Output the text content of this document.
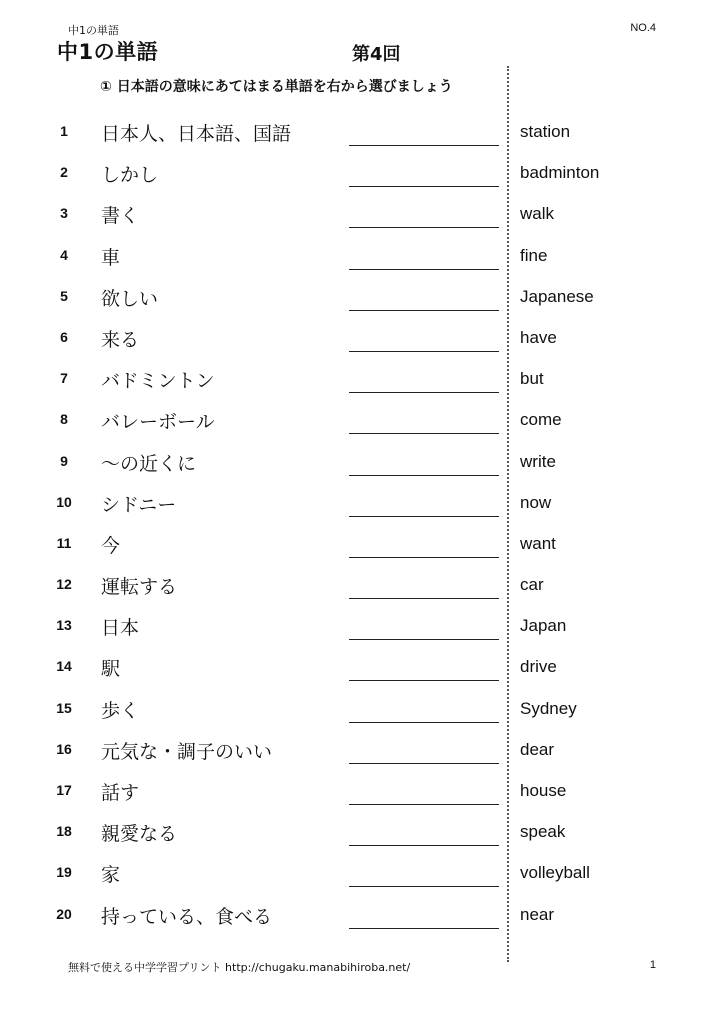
中1の単語	NO.4
中1の単語	第4回
① 日本語の意味にあてはまる単語を右から選びましょう
1	日本人、日本語、国語	station
2	しかし	badminton
3	書く	walk
4	車	fine
5	欲しい	Japanese
6	来る	have
7	バドミントン	but
8	バレーボール	come
9	～の近くに	write
10	シドニー	now
11	今	want
12	運転する	car
13	日本	Japan
14	駅	drive
15	歩く	Sydney
16	元気な・調子のいい	dear
17	話す	house
18	親愛なる	speak
19	家	volleyball
20	持っている、食べる	near
無料で使える中学学習プリント http://chugaku.manabihiroba.net/	1
